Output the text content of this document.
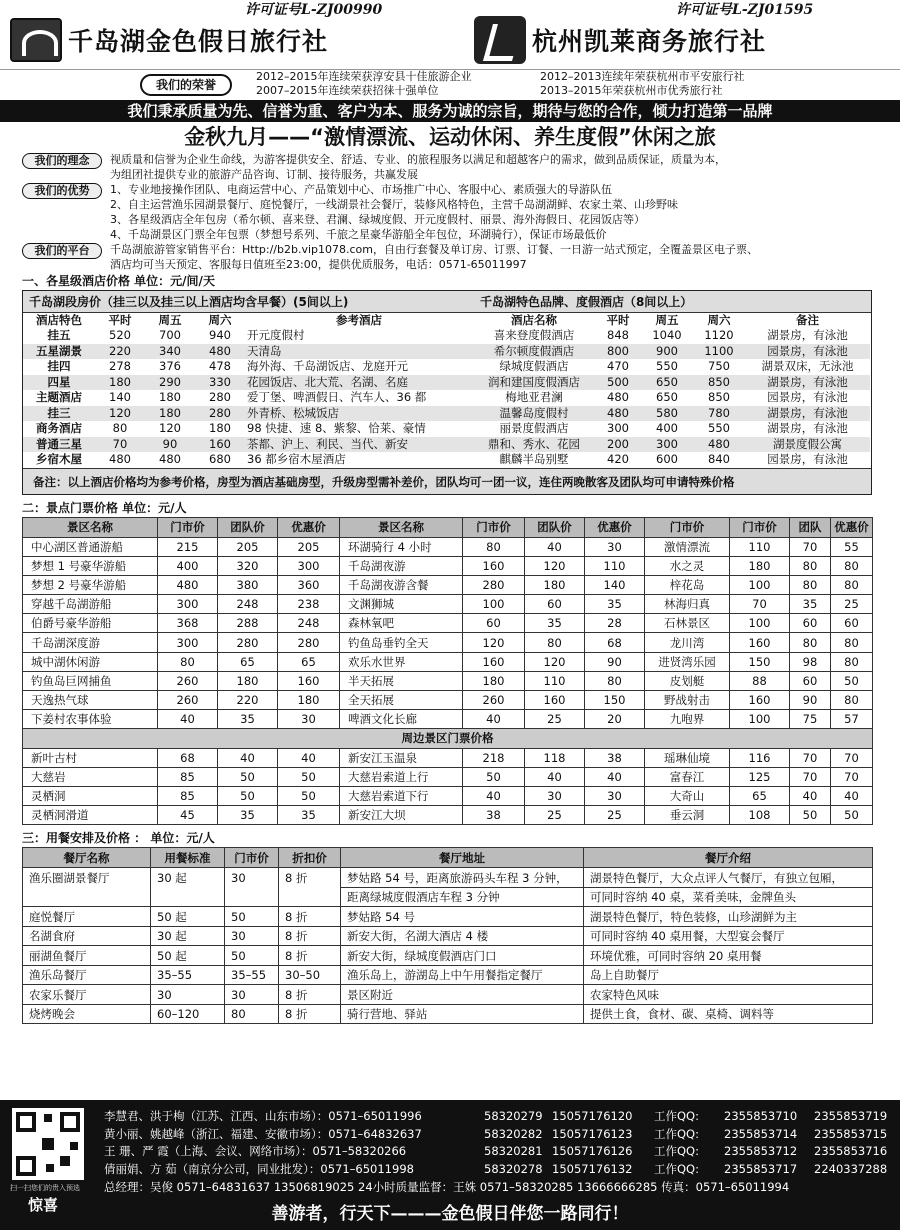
许可证号L-ZJ00990
千岛湖金色假日旅行社
许可证号L-ZJ01595
杭州凯莱商务旅行社
我们的荣誉
2012–2015年连续荣获淳安县十佳旅游企业	2012–2013连续年荣获杭州市平安旅行社
2007–2015年连续荣获招徕十强单位	2013–2015年荣获杭州市优秀旅行社
我们秉承质量为先、信誉为重、客户为本、服务为诚的宗旨，期待与您的合作，倾力打造第一品牌
金秋九月——“激情漂流、运动休闲、养生度假”休闲之旅
我们的理念	视质量和信誉为企业生命线，为游客提供安全、舒适、专业、的旅程服务以满足和超越客户的需求，做到品质保证，质量为本，
为组团社提供专业的旅游产品咨询、订制、接待服务，共赢发展
我们的优势	1、专业地接操作团队、电商运营中心、产品策划中心、市场推广中心、客服中心、素质强大的导游队伍
2、自主运营渔乐园湖景餐厅、庭悦餐厅，一线湖景社会餐厅，装修风格特色，主营千岛湖湖鲜、农家土菜、山珍野味
3、各星级酒店全年包房（希尔顿、喜来登、君澜、绿城度假、开元度假村、丽景、海外海假日、花园饭店等）
4、千岛湖景区门票全年包票（梦想号系列、千旅之星豪华游船全年包位，环湖骑行），保证市场最低价
我们的平台	千岛湖旅游管家销售平台：Http://b2b.vip1078.com，自由行套餐及单订房、订票、订餐、一日游一站式预定，全覆盖景区电子票、
酒店均可当天预定、客服每日值班至23:00，提供优质服务，电话：0571-65011997
一、各星级酒店价格 单位：元/间/天
千岛湖段房价（挂三以及挂三以上酒店均含早餐）(5间以上)	千岛湖特色品牌、度假酒店（8间以上）
酒店特色	平时	周五	周六	参考酒店	酒店名称	平时	周五	周六	备注
挂五	520	700	940	开元度假村	喜来登度假酒店	848	1040	1120	湖景房，有泳池
五星湖景	220	340	480	天清岛	希尔顿度假酒店	800	900	1100	园景房，有泳池
挂四	278	376	478	海外海、千岛湖饭店、龙庭开元	绿城度假酒店	470	550	750	湖景双床，无泳池
四星	180	290	330	花园饭店、北大荒、名湖、名庭	润和建国度假酒店	500	650	850	湖景房，有泳池
主题酒店	140	180	280	爱丁堡、啤酒假日、汽车人、36 都	梅地亚君澜	480	650	850	园景房，有泳池
挂三	120	180	280	外青桥、松城饭店	温馨岛度假村	480	580	780	湖景房，有泳池
商务酒店	80	120	180	98 快捷、速 8、紫黎、恰莱、豪情	丽景度假酒店	300	400	550	湖景房，有泳池
普通三星	70	90	160	茶都、沪上、利民、当代、新安	鼎和、秀水、花园	200	300	480	湖景度假公寓
乡宿木屋	480	480	680	36 都乡宿木屋酒店	麒麟半岛别墅	420	600	840	园景房，有泳池
备注：以上酒店价格均为参考价格，房型为酒店基础房型，升级房型需补差价，团队均可一团一议，连住两晚散客及团队均可申请特殊价格
二：景点门票价格 单位：元/人
景区名称	门市价	团队价	优惠价	景区名称	门市价	团队价	优惠价	门市价	门市价	团队	优惠价
中心湖区普通游船	215	205	205	环湖骑行 4 小时	80	40	30	激情漂流	110	70	55
梦想 1 号豪华游船	400	320	300	千岛湖夜游	160	120	110	水之灵	180	80	80
梦想 2 号豪华游船	480	380	360	千岛湖夜游含餐	280	180	140	梓花岛	100	80	80
穿越千岛湖游船	300	248	238	文渊狮城	100	60	35	林海归真	70	35	25
伯爵号豪华游船	368	288	248	森林氧吧	60	35	28	石林景区	100	60	60
千岛湖深度游	300	280	280	钓鱼岛垂钓全天	120	80	68	龙川湾	160	80	80
城中湖休闲游	80	65	65	欢乐水世界	160	120	90	进贤湾乐园	150	98	80
钓鱼岛巨网捕鱼	260	180	160	半天拓展	180	110	80	皮划艇	88	60	50
天逸热气球	260	220	180	全天拓展	260	160	150	野战射击	160	90	80
下姜村农事体验	40	35	30	啤酒文化长廊	40	25	20	九咆界	100	75	57
周边景区门票价格											
新叶古村	68	40	40	新安江玉温泉	218	118	38	瑶琳仙境	116	70	70
大慈岩	85	50	50	大慈岩索道上行	50	40	40	富春江	125	70	70
灵栖洞	85	50	50	大慈岩索道下行	40	30	30	大奇山	65	40	40
灵栖洞滑道	45	35	35	新安江大坝	38	25	25	垂云洞	108	50	50
三：用餐安排及价格 ： 单位：元/人
餐厅名称	用餐标准	门市价	折扣价	餐厅地址	餐厅介绍
渔乐圈湖景餐厅	30 起	30	8 折	梦姑路 54 号，距离旅游码头车程 3 分钟，	湖景特色餐厅，大众点评人气餐厅，有独立包厢，
				距离绿城度假酒店车程 3 分钟	可同时容纳 40 桌，菜肴美味，金牌鱼头
庭悦餐厅	50 起	50	8 折	梦姑路 54 号	湖景特色餐厅，特色装修，山珍湖鲜为主
名湖食府	30 起	30	8 折	新安大街，名湖大酒店 4 楼	可同时容纳 40 桌用餐，大型宴会餐厅
丽湖鱼餐厅	50 起	50	8 折	新安大街，绿城度假酒店门口	环境优雅，可同时容纳 20 桌用餐
渔乐岛餐厅	35–55	35–55	30–50	渔乐岛上，游湖岛上中午用餐指定餐厅	岛上自助餐厅
农家乐餐厅	30	30	8 折	景区附近	农家特色风味
烧烤晚会	60–120	80	8 折	骑行营地、驿站	提供土食，食材、碳、桌椅、调料等
扫一扫您们的贵入预选
惊喜
李慧君、洪于栒（江苏、江西、山东市场）：0571–65011996	58320279 15057176120	工作QQ:	2355853710	2355853719
黄小丽、姚越峰（浙江、福建、安徽市场）：0571–64832637	58320282 15057176123	工作QQ:	2355853714	2355853715
王 珊、严 霞（上海、会议、网络市场）：0571–58320266	58320281 15057176126	工作QQ:	2355853712	2355853716
倩丽娟、方 茹（南京分公司，同业批发）：0571–65011998	58320278 15057176132	工作QQ:	2355853717	2240337288
总经理：吴俊 0571–64831637 13506819025 24小时质量监督：王姝 0571–58320285 13666666285 传真：0571–65011994
善游者，行天下———金色假日伴您一路同行！
